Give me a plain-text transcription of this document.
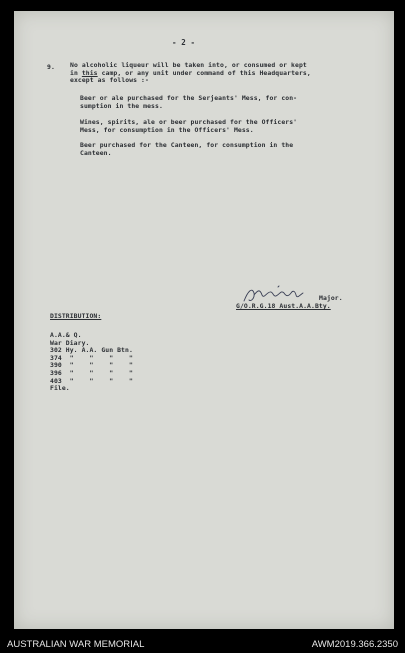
- 2 -
9. No alcoholic liqueur will be taken into, or consumed or kept
in this camp, or any unit under command of this Headquarters,
except as follows :-
Beer or ale purchased for the Serjeants' Mess, for con-
sumption in the mess.
Wines, spirits, ale or beer purchased for the Officers'
Mess, for consumption in the Officers' Mess.
Beer purchased for the Canteen, for consumption in the
Canteen.
Major.
G/O.R.G.18 Aust.A.A.Bty.
DISTRIBUTION:
A.A.& Q.
War Diary.
302 Hy. A.A. Gun Btn.
374  "    "    "    "
390  "    "    "    "
396  "    "    "    "
403  "    "    "    "
File.
AUSTRALIAN WAR MEMORIAL	AWM2019.366.2350
